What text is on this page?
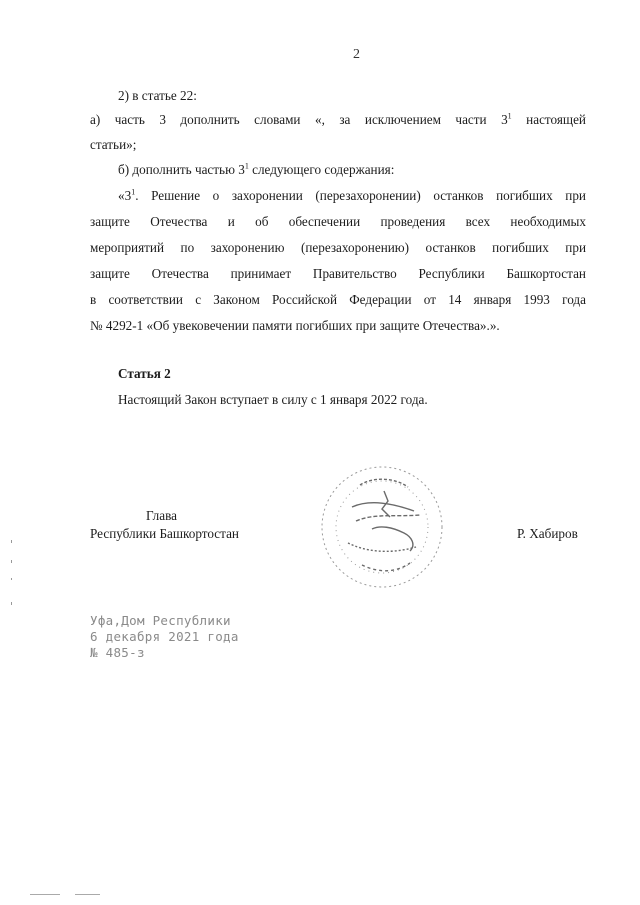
2
2) в статье 22:
а) часть 3 дополнить словами «, за исключением части $3^1$ настоящей
статьи»;
б) дополнить частью $3^1$ следующего содержания:
«$3^1$. Решение о захоронении (перезахоронении) останков погибших при
защите Отечества и об обеспечении проведения всех необходимых
мероприятий по захоронению (перезахоронению) останков погибших при
защите Отечества принимает Правительство Республики Башкортостан
в соответствии с Законом Российской Федерации от 14 января 1993 года
№ 4292-1 «Об увековечении памяти погибших при защите Отечества».».
Статья 2
Настоящий Закон вступает в силу с 1 января 2022 года.
Глава
Республики Башкортостан	Р. Хабиров
Уфа,Дом Республики
6 декабря 2021 года
№ 485-з
